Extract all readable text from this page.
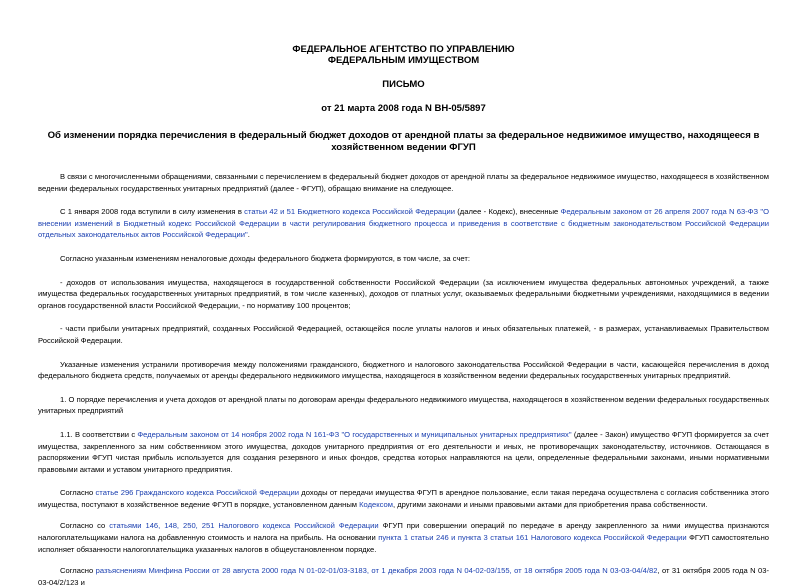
ФЕДЕРАЛЬНОЕ АГЕНТСТВО ПО УПРАВЛЕНИЮ
ФЕДЕРАЛЬНЫМ ИМУЩЕСТВОМ
ПИСЬМО
от 21 марта 2008 года N ВН-05/5897
Об изменении порядка перечисления в федеральный бюджет доходов от арендной платы за федеральное недвижимое имущество, находящееся в хозяйственном ведении ФГУП

В связи с многочисленными обращениями, связанными с перечислением в федеральный бюджет доходов от арендной платы за федеральное недвижимое имущество, находящееся в хозяйственном ведении федеральных государственных унитарных предприятий (далее - ФГУП), обращаю внимание на следующее.

С 1 января 2008 года вступили в силу изменения в статьи 42 и 51 Бюджетного кодекса Российской Федерации (далее - Кодекс), внесенные Федеральным законом от 26 апреля 2007 года N 63-ФЗ "О внесении изменений в Бюджетный кодекс Российской Федерации в части регулирования бюджетного процесса и приведения в соответствие с бюджетным законодательством Российской Федерации отдельных законодательных актов Российской Федерации".

Согласно указанным изменениям неналоговые доходы федерального бюджета формируются, в том числе, за счет:

- доходов от использования имущества, находящегося в государственной собственности Российской Федерации (за исключением имущества федеральных автономных учреждений, а также имущества федеральных государственных унитарных предприятий, в том числе казенных), доходов от платных услуг, оказываемых федеральными бюджетными учреждениями, находящимися в ведении органов государственной власти Российской Федерации, - по нормативу 100 процентов;

- части прибыли унитарных предприятий, созданных Российской Федерацией, остающейся после уплаты налогов и иных обязательных платежей, - в размерах, устанавливаемых Правительством Российской Федерации.

Указанные изменения устранили противоречия между положениями гражданского, бюджетного и налогового законодательства Российской Федерации в части, касающейся перечисления в доход федерального бюджета средств, получаемых от аренды федерального недвижимого имущества, находящегося в хозяйственном ведении федеральных государственных унитарных предприятий.

1. О порядке перечисления и учета доходов от арендной платы по договорам аренды федерального недвижимого имущества, находящегося в хозяйственном ведении федеральных государственных унитарных предприятий

1.1. В соответствии с Федеральным законом от 14 ноября 2002 года N 161-ФЗ "О государственных и муниципальных унитарных предприятиях" (далее - Закон) имущество ФГУП формируется за счет имущества, закрепленного за ним собственником этого имущества, доходов унитарного предприятия от его деятельности и иных, не противоречащих законодательству, источников. Остающаяся в распоряжении ФГУП чистая прибыль используется для создания резервного и иных фондов, средства которых направляются на цели, определенные федеральными законами, иными нормативными правовыми актами и уставом унитарного предприятия.

Согласно статье 296 Гражданского кодекса Российской Федерации доходы от передачи имущества ФГУП в арендное пользование, если такая передача осуществлена с согласия собственника этого имущества, поступают в хозяйственное ведение ФГУП в порядке, установленном данным Кодексом, другими законами и иными правовыми актами для приобретения права собственности.

Согласно со статьями 146, 148, 250, 251 Налогового кодекса Российской Федерации ФГУП при совершении операций по передаче в аренду закрепленного за ними имущества признаются налогоплательщиками налога на добавленную стоимость и налога на прибыль. На основании пункта 1 статьи 246 и пункта 3 статьи 161 Налогового кодекса Российской Федерации ФГУП самостоятельно исполняет обязанности налогоплательщика указанных налогов в общеустановленном порядке.

Согласно разъяснениям Минфина России от 28 августа 2000 года N 01-02-01/03-3183, от 1 декабря 2003 года N 04-02-03/155, от 18 октября 2005 года N 03-03-04/4/82, от 31 октября 2005 года N 03-03-04/2/123 и
